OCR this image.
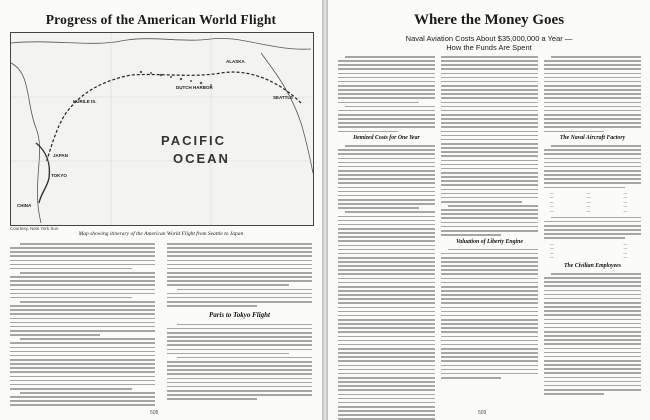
Progress of the American World Flight
SEATTLE
ALASKA
DUTCH HARBOR
KURILE IS.
JAPAN
CHINA
TOKYO
PACIFIC
OCEAN
Courtesy, New York Sun
Map showing itinerary of the American World Flight from Seattle to Japan
Paris to Tokyo Flight
508
Where the Money Goes
Naval Aviation Costs About $35,000,000 a Year —
How the Funds Are Spent
Itemized Costs for One Year
Valuation of Liberty Engine
The Naval Aircraft Factory
—	—	—
—	—	—
—	—	—
—	—	—
—	—	—
—	—
—	—
—	—
—	—
The Civilian Employees
509
